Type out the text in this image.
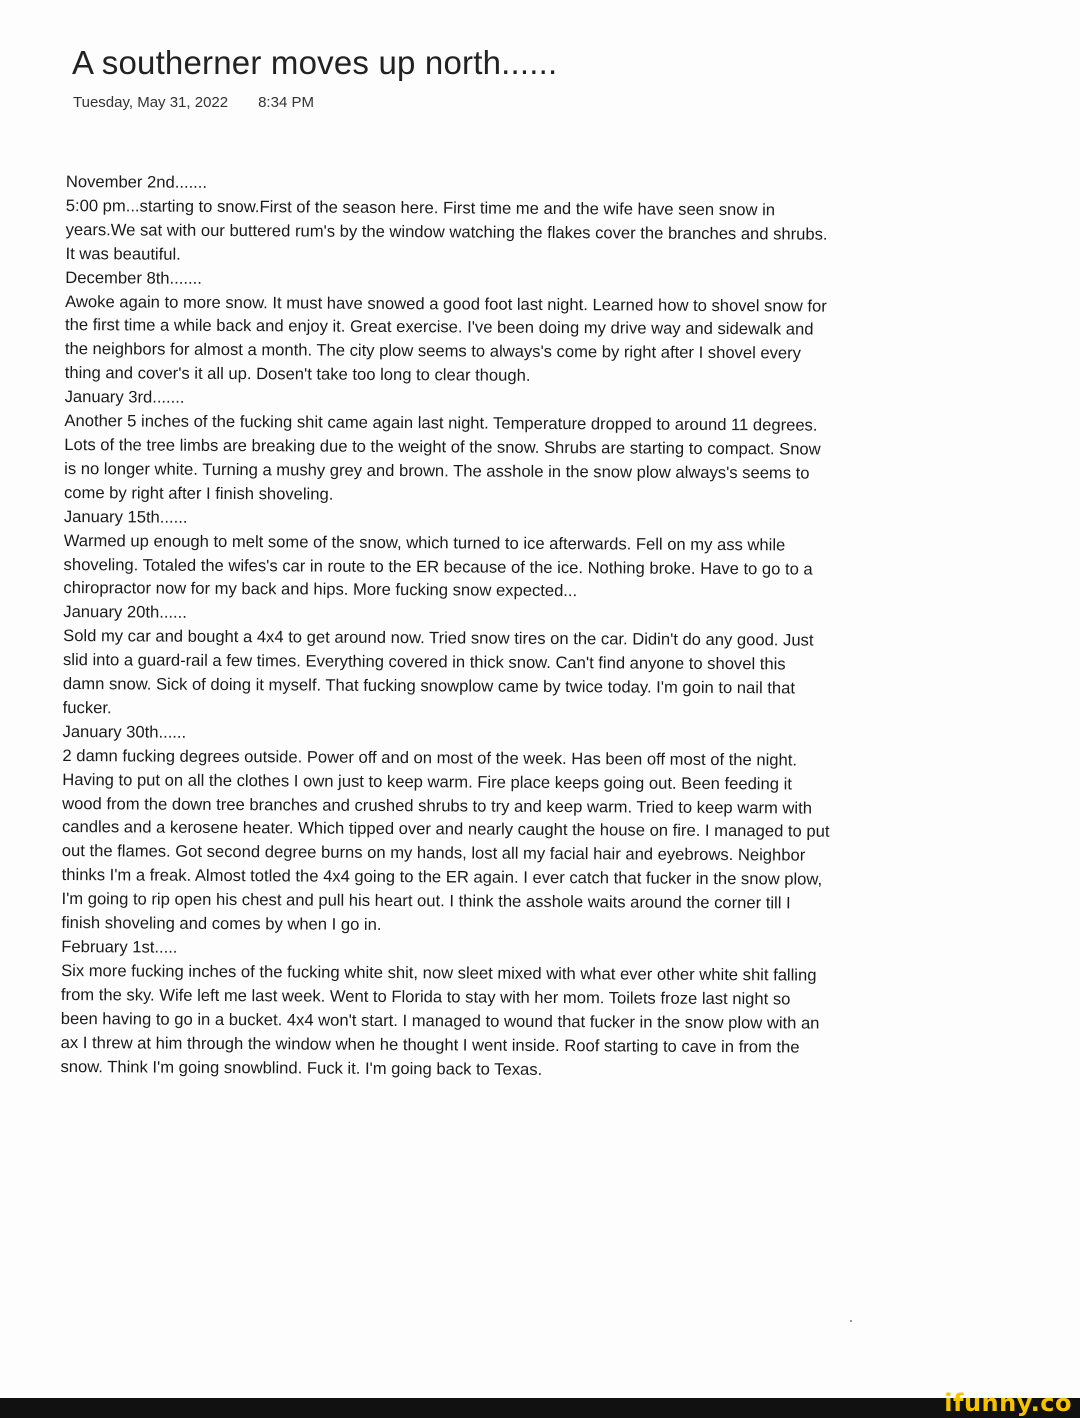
A southerner moves up north......
Tuesday, May 31, 2022 8:34 PM
November 2nd.......
5:00 pm...starting to snow.First of the season here. First time me and the wife have seen snow in
years.We sat with our buttered rum's by the window watching the flakes cover the branches and shrubs.
It was beautiful.
December 8th.......
Awoke again to more snow. It must have snowed a good foot last night. Learned how to shovel snow for
the first time a while back and enjoy it. Great exercise. I've been doing my drive way and sidewalk and
the neighbors for almost a month. The city plow seems to always's come by right after I shovel every
thing and cover's it all up. Dosen't take too long to clear though.
January 3rd.......
Another 5 inches of the fucking shit came again last night. Temperature dropped to around 11 degrees.
Lots of the tree limbs are breaking due to the weight of the snow. Shrubs are starting to compact. Snow
is no longer white. Turning a mushy grey and brown. The asshole in the snow plow always's seems to
come by right after I finish shoveling.
January 15th......
Warmed up enough to melt some of the snow, which turned to ice afterwards. Fell on my ass while
shoveling. Totaled the wifes's car in route to the ER because of the ice. Nothing broke. Have to go to a
chiropractor now for my back and hips. More fucking snow expected...
January 20th......
Sold my car and bought a 4x4 to get around now. Tried snow tires on the car. Didin't do any good. Just
slid into a guard-rail a few times. Everything covered in thick snow. Can't find anyone to shovel this
damn snow. Sick of doing it myself. That fucking snowplow came by twice today. I'm goin to nail that
fucker.
January 30th......
2 damn fucking degrees outside. Power off and on most of the week. Has been off most of the night.
Having to put on all the clothes I own just to keep warm. Fire place keeps going out. Been feeding it
wood from the down tree branches and crushed shrubs to try and keep warm. Tried to keep warm with
candles and a kerosene heater. Which tipped over and nearly caught the house on fire. I managed to put
out the flames. Got second degree burns on my hands, lost all my facial hair and eyebrows. Neighbor
thinks I'm a freak. Almost totled the 4x4 going to the ER again. I ever catch that fucker in the snow plow,
I'm going to rip open his chest and pull his heart out. I think the asshole waits around the corner till I
finish shoveling and comes by when I go in.
February 1st.....
Six more fucking inches of the fucking white shit, now sleet mixed with what ever other white shit falling
from the sky. Wife left me last week. Went to Florida to stay with her mom. Toilets froze last night so
been having to go in a bucket. 4x4 won't start. I managed to wound that fucker in the snow plow with an
ax I threw at him through the window when he thought I went inside. Roof starting to cave in from the
snow. Think I'm going snowblind. Fuck it. I'm going back to Texas.
ifunny.co
